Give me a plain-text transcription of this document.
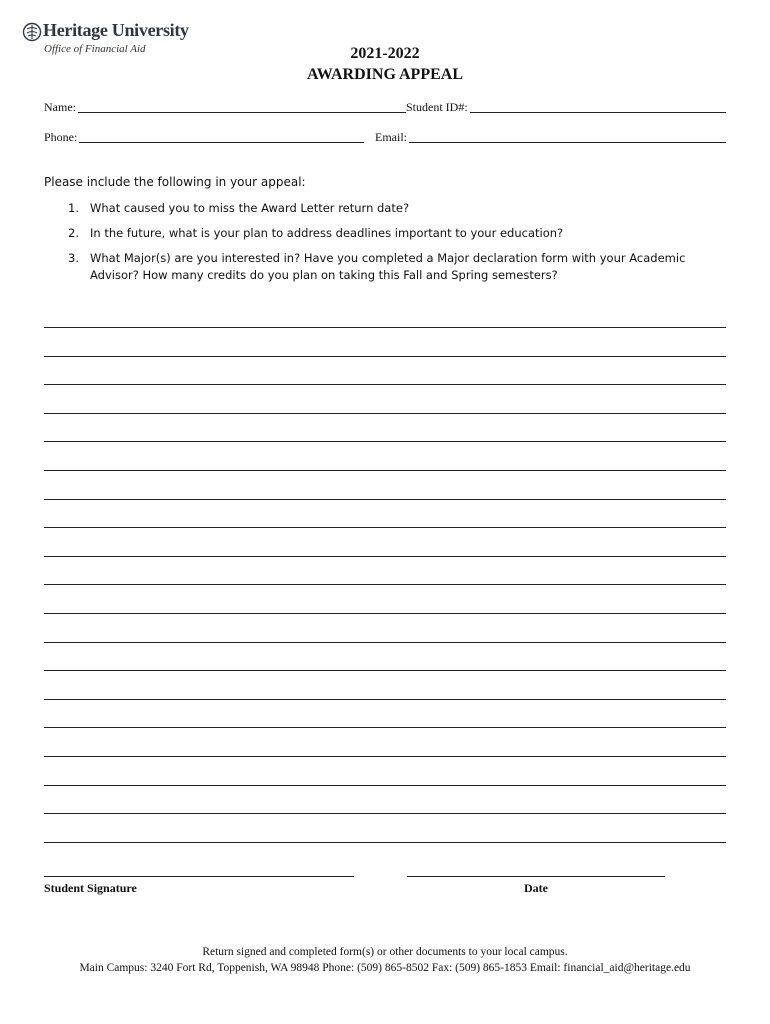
Heritage University
Office of Financial Aid	2021-2022
AWARDING APPEAL
Name:	Student ID#:
Phone:	Email:
Please include the following in your appeal:
1. What caused you to miss the Award Letter return date?
2. In the future, what is your plan to address deadlines important to your education?
3. What Major(s) are you interested in? Have you completed a Major declaration form with your Academic Advisor? How many credits do you plan on taking this Fall and Spring semesters?
Student Signature	Date
Return signed and completed form(s) or other documents to your local campus.
Main Campus: 3240 Fort Rd, Toppenish, WA 98948 Phone: (509) 865-8502 Fax: (509) 865-1853 Email: financial_aid@heritage.edu
